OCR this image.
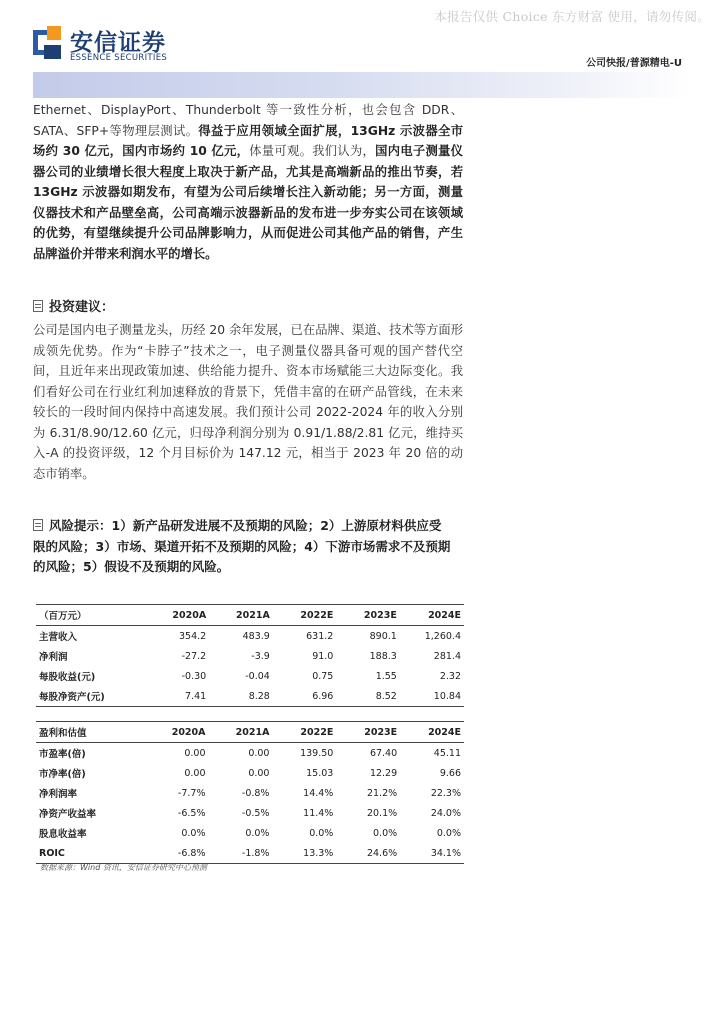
本报告仅供 Choice 东方财富 使用，请勿传阅。
安信证券
ESSENCE SECURITIES	公司快报/普源精电-U
Ethernet、DisplayPort、Thunderbolt 等一致性分析，也会包含 DDR、SATA、SFP+等物理层测试。得益于应用领域全面扩展，13GHz 示波器全市场约 30 亿元，国内市场约 10 亿元，体量可观。我们认为，国内电子测量仪器公司的业绩增长很大程度上取决于新产品，尤其是高端新品的推出节奏，若 13GHz 示波器如期发布，有望为公司后续增长注入新动能；另一方面，测量仪器技术和产品壁垒高，公司高端示波器新品的发布进一步夯实公司在该领域的优势，有望继续提升公司品牌影响力，从而促进公司其他产品的销售，产生品牌溢价并带来利润水平的增长。
投资建议：
公司是国内电子测量龙头，历经 20 余年发展，已在品牌、渠道、技术等方面形成领先优势。作为“卡脖子”技术之一，电子测量仪器具备可观的国产替代空间，且近年来出现政策加速、供给能力提升、资本市场赋能三大边际变化。我们看好公司在行业红利加速释放的背景下，凭借丰富的在研产品管线，在未来较长的一段时间内保持中高速发展。我们预计公司 2022-2024 年的收入分别为 6.31/8.90/12.60 亿元，归母净利润分别为 0.91/1.88/2.81 亿元，维持买入-A 的投资评级，12 个月目标价为 147.12 元，相当于 2023 年 20 倍的动态市销率。
风险提示：1）新产品研发进展不及预期的风险；2）上游原材料供应受限的风险；3）市场、渠道开拓不及预期的风险；4）下游市场需求不及预期的风险；5）假设不及预期的风险。
（百万元）	2020A	2021A	2022E	2023E	2024E
主营收入	354.2	483.9	631.2	890.1	1,260.4
净利润	-27.2	-3.9	91.0	188.3	281.4
每股收益(元)	-0.30	-0.04	0.75	1.55	2.32
每股净资产(元)	7.41	8.28	6.96	8.52	10.84
盈利和估值	2020A	2021A	2022E	2023E	2024E
市盈率(倍)	0.00	0.00	139.50	67.40	45.11
市净率(倍)	0.00	0.00	15.03	12.29	9.66
净利润率	-7.7%	-0.8%	14.4%	21.2%	22.3%
净资产收益率	-6.5%	-0.5%	11.4%	20.1%	24.0%
股息收益率	0.0%	0.0%	0.0%	0.0%	0.0%
ROIC	-6.8%	-1.8%	13.3%	24.6%	34.1%
数据来源：Wind 资讯，安信证券研究中心预测
